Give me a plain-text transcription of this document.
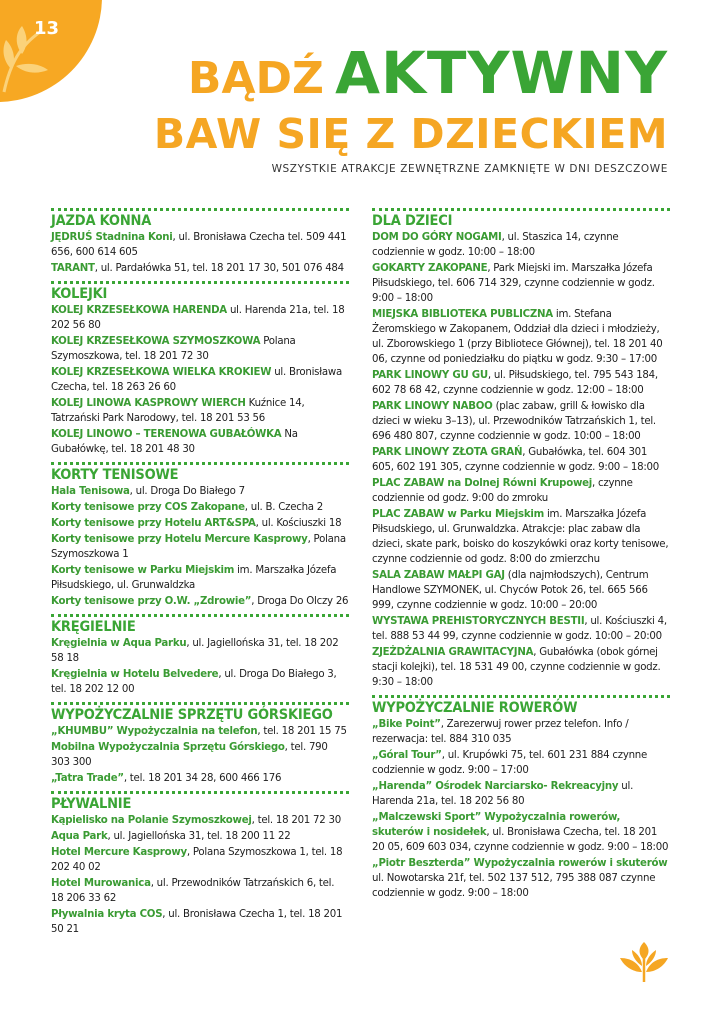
13
BĄDŹ AKTYWNY
BAW SIĘ Z DZIECKIEM

WSZYSTKIE ATRAKCJE ZEWNĘTRZNE ZAMKNIĘTE W DNI DESZCZOWE

JAZDA KONNA
JĘDRUŚ Stadnina Koni, ul. Bronisława Czecha tel. 509 441 656, 600 614 605
TARANT, ul. Pardałówka 51, tel. 18 201 17 30, 501 076 484
KOLEJKI
KOLEJ KRZESEŁKOWA HARENDA ul. Harenda 21a, tel. 18 202 56 80
KOLEJ KRZESEŁKOWA SZYMOSZKOWA Polana Szymoszkowa, tel. 18 201 72 30
KOLEJ KRZESEŁKOWA WIELKA KROKIEW ul. Bronisława Czecha, tel. 18 263 26 60
KOLEJ LINOWA KASPROWY WIERCH Kuźnice 14, Tatrzański Park Narodowy, tel. 18 201 53 56
KOLEJ LINOWO – TERENOWA GUBAŁÓWKA Na Gubałówkę, tel. 18 201 48 30
KORTY TENISOWE
Hala Tenisowa, ul. Droga Do Białego 7
Korty tenisowe przy COS Zakopane, ul. B. Czecha 2
Korty tenisowe przy Hotelu ART&SPA, ul. Kościuszki 18
Korty tenisowe przy Hotelu Mercure Kasprowy, Polana Szymoszkowa 1
Korty tenisowe w Parku Miejskim im. Marszałka Józefa Piłsudskiego, ul. Grunwaldzka
Korty tenisowe przy O.W. „Zdrowie”, Droga Do Olczy 26
KRĘGIELNIE
Kręgielnia w Aqua Parku, ul. Jagiellońska 31, tel. 18 202 58 18
Kręgielnia w Hotelu Belvedere, ul. Droga Do Białego 3, tel. 18 202 12 00
WYPOŻYCZALNIE SPRZĘTU GÓRSKIEGO
„KHUMBU” Wypożyczalnia na telefon, tel. 18 201 15 75
Mobilna Wypożyczalnia Sprzętu Górskiego, tel. 790 303 300
„Tatra Trade”, tel. 18 201 34 28, 600 466 176
PŁYWALNIE
Kąpielisko na Polanie Szymoszkowej, tel. 18 201 72 30
Aqua Park, ul. Jagiellońska 31, tel. 18 200 11 22
Hotel Mercure Kasprowy, Polana Szymoszkowa 1, tel. 18 202 40 02
Hotel Murowanica, ul. Przewodników Tatrzańskich 6, tel. 18 206 33 62
Pływalnia kryta COS, ul. Bronisława Czecha 1, tel. 18 201 50 21
DLA DZIECI
DOM DO GÓRY NOGAMI, ul. Staszica 14, czynne codziennie w godz. 10:00 – 18:00
GOKARTY ZAKOPANE, Park Miejski im. Marszałka Józefa Piłsudskiego, tel. 606 714 329, czynne codziennie w godz. 9:00 – 18:00
MIEJSKA BIBLIOTEKA PUBLICZNA im. Stefana Żeromskiego w Zakopanem, Oddział dla dzieci i młodzieży, ul. Zborowskiego 1 (przy Bibliotece Głównej), tel. 18 201 40 06, czynne od poniedziałku do piątku w godz. 9:30 – 17:00
PARK LINOWY GU GU, ul. Piłsudskiego, tel. 795 543 184, 602 78 68 42, czynne codziennie w godz. 12:00 – 18:00
PARK LINOWY NABOO (plac zabaw, grill & łowisko dla dzieci w wieku 3–13), ul. Przewodników Tatrzańskich 1, tel. 696 480 807, czynne codziennie w godz. 10:00 – 18:00
PARK LINOWY ZŁOTA GRAŃ, Gubałówka, tel. 604 301 605, 602 191 305, czynne codziennie w godz. 9:00 – 18:00
PLAC ZABAW na Dolnej Równi Krupowej, czynne codziennie od godz. 9:00 do zmroku
PLAC ZABAW w Parku Miejskim im. Marszałka Józefa Piłsudskiego, ul. Grunwaldzka. Atrakcje: plac zabaw dla dzieci, skate park, boisko do koszykówki oraz korty tenisowe, czynne codziennie od godz. 8:00 do zmierzchu
SALA ZABAW MAŁPI GAJ (dla najmłodszych), Centrum Handlowe SZYMONEK, ul. Chyców Potok 26, tel. 665 566 999, czynne codziennie w godz. 10:00 – 20:00
WYSTAWA PREHISTORYCZNYCH BESTII, ul. Kościuszki 4, tel. 888 53 44 99, czynne codziennie w godz. 10:00 – 20:00
ZJEŻDŻALNIA GRAWITACYJNA, Gubałówka (obok górnej stacji kolejki), tel. 18 531 49 00, czynne codziennie w godz. 9:30 – 18:00
WYPOŻYCZALNIE ROWERÓW
„Bike Point”, Zarezerwuj rower przez telefon. Info / rezerwacja: tel. 884 310 035
„Góral Tour”, ul. Krupówki 75, tel. 601 231 884 czynne codziennie w godz. 9:00 – 17:00
„Harenda” Ośrodek Narciarsko- Rekreacyjny ul. Harenda 21a, tel. 18 202 56 80
„Malczewski Sport” Wypożyczalnia rowerów, skuterów i nosidełek, ul. Bronisława Czecha, tel. 18 201 20 05, 609 603 034, czynne codziennie w godz. 9:00 – 18:00
„Piotr Beszterda” Wypożyczalnia rowerów i skuterów ul. Nowotarska 21f, tel. 502 137 512, 795 388 087 czynne codziennie w godz. 9:00 – 18:00
